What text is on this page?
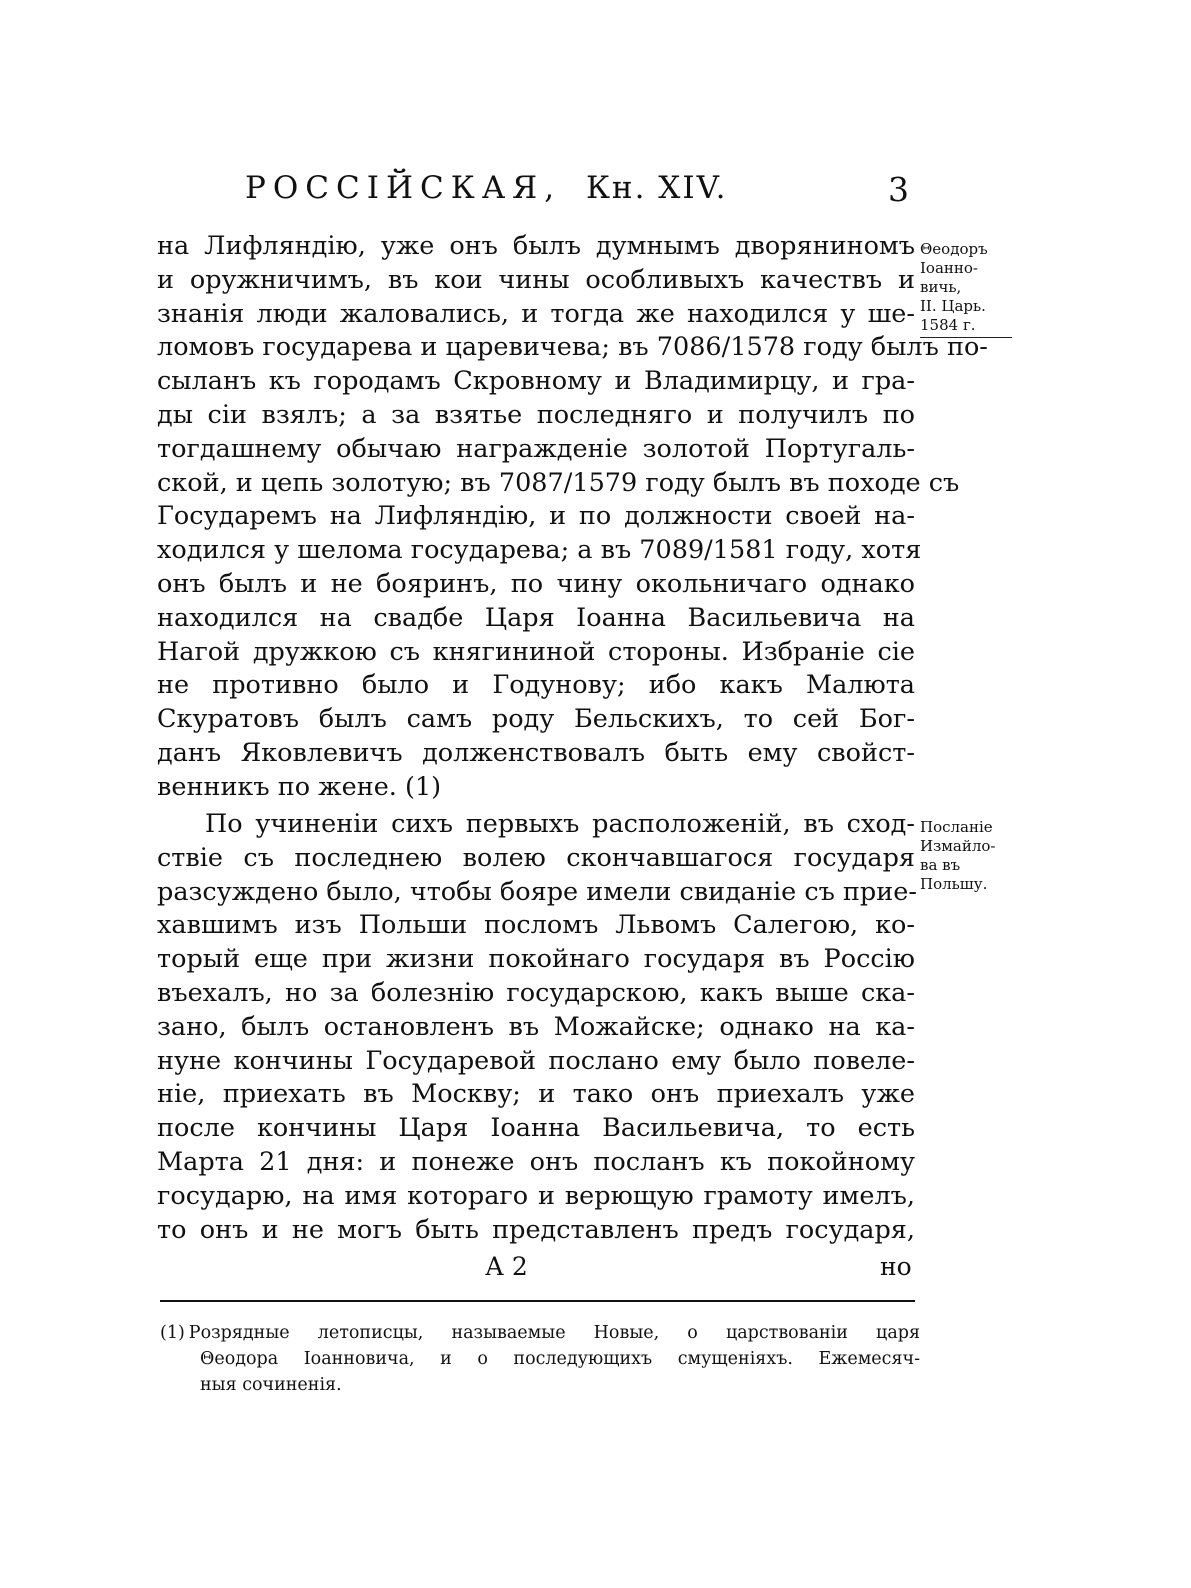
РОССІЙСКАЯ, Кн. XIV.	3
на Лифляндію, уже онъ былъ думнымъ дворяниномъ
и оружничимъ, въ кои чины особливыхъ качествъ и
знанія люди жаловались, и тогда же находился у ше-
ломовъ государева и царевичева; въ 7086/1578 году былъ по-
сыланъ къ городамъ Скровному и Владимирцу, и гра-
ды сіи взялъ; а за взятье последняго и получилъ по
тогдашнему обычаю награжденіе золотой Португаль-
ской, и цепь золотую; въ 7087/1579 году былъ въ походе съ
Государемъ на Лифляндію, и по должности своей на-
ходился у шелома государева; а въ 7089/1581 году, хотя
онъ былъ и не бояринъ, по чину окольничаго однако
находился на свадбе Царя Іоанна Васильевича на
Нагой дружкою съ княгининой стороны. Избраніе сіе
не противно было и Годунову; ибо какъ Малюта
Скуратовъ былъ самъ роду Бельскихъ, то сей Бог-
данъ Яковлевичъ долженствовалъ быть ему свойст-
венникъ по жене. (1)
Θеодоръ
Іоанно-
вичь,
II. Царь.
1584 г.
По учиненіи сихъ первыхъ расположеній, въ сход-
ствіе съ последнею волею скончавшагося государя
разсуждено было, чтобы бояре имели свиданіе съ прие-
хавшимъ изъ Польши посломъ Львомъ Салегою, ко-
торый еще при жизни покойнаго государя въ Россію
въехалъ, но за болезнію государскою, какъ выше ска-
зано, былъ остановленъ въ Можайске; однако на ка-
нуне кончины Государевой послано ему было повеле-
ніе, приехать въ Москву; и тако онъ приехалъ уже
после кончины Царя Іоанна Васильевича, то есть
Марта 21 дня: и понеже онъ посланъ къ покойному
государю, на имя котораго и верющую грамоту имелъ,
то онъ и не могъ быть представленъ предъ государя,
Посланіе
Измайло-
ва въ
Польшу.
А 2	но
(1) Розрядные летописцы, называемые Новые, о царствованіи царя
Θеодора Іоанновича, и о последующихъ смущеніяхъ. Ежемесяч-
ныя сочиненія.
